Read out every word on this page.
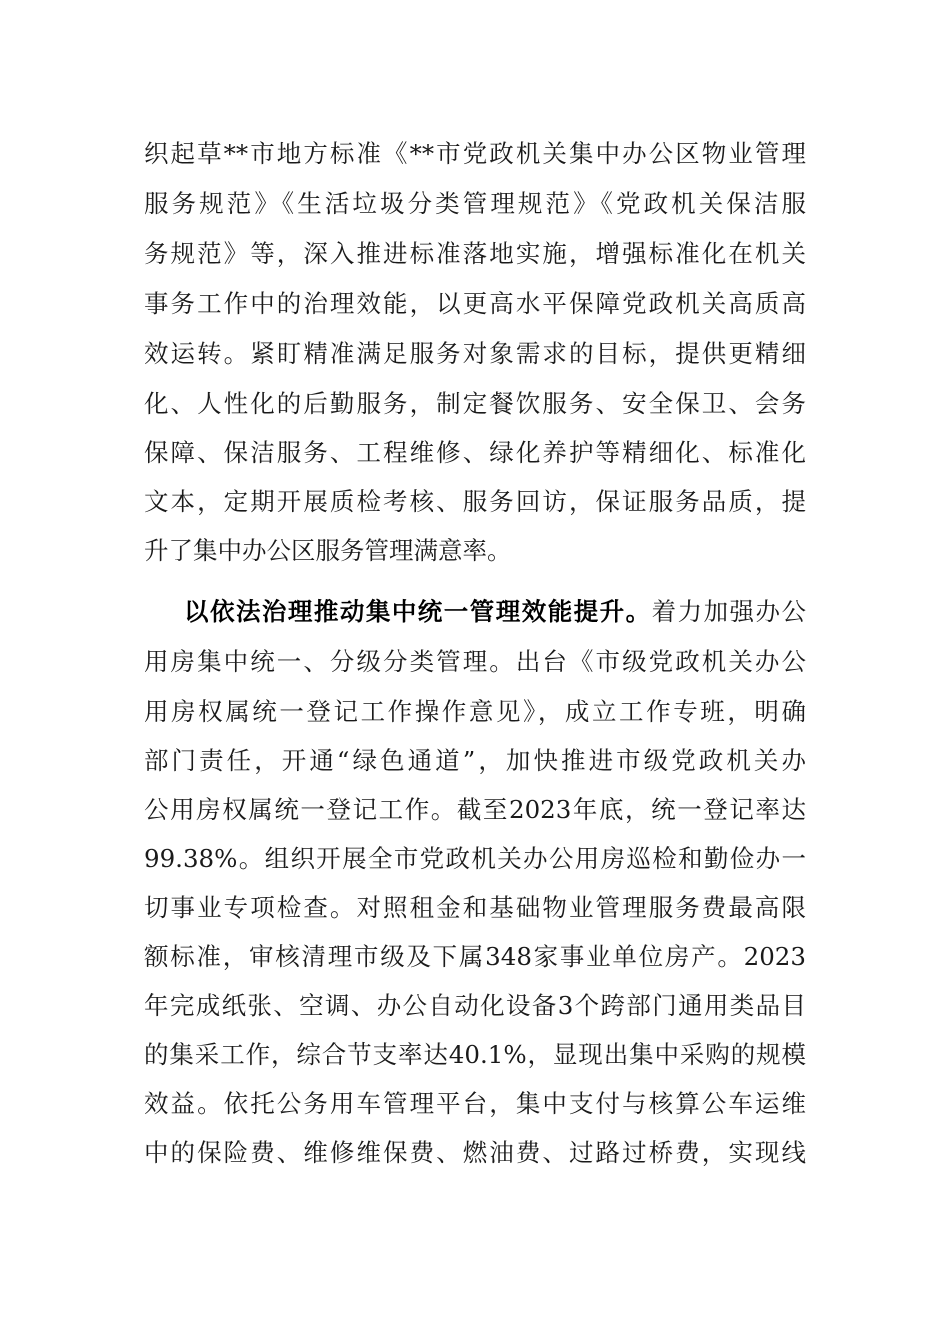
织起草**市地方标准《**市党政机关集中办公区物业管理
服务规范》《生活垃圾分类管理规范》《党政机关保洁服
务规范》等，深入推进标准落地实施，增强标准化在机关
事务工作中的治理效能，以更高水平保障党政机关高质高
效运转。紧盯精准满足服务对象需求的目标，提供更精细
化、人性化的后勤服务，制定餐饮服务、安全保卫、会务
保障、保洁服务、工程维修、绿化养护等精细化、标准化
文本，定期开展质检考核、服务回访，保证服务品质，提
升了集中办公区服务管理满意率。
以依法治理推动集中统一管理效能提升。着力加强办公
用房集中统一、分级分类管理。出台《市级党政机关办公
用房权属统一登记工作操作意见》，成立工作专班，明确
部门责任，开通“绿色通道”，加快推进市级党政机关办
公用房权属统一登记工作。截至2023年底，统一登记率达
99.38%。组织开展全市党政机关办公用房巡检和勤俭办一
切事业专项检查。对照租金和基础物业管理服务费最高限
额标准，审核清理市级及下属348家事业单位房产。2023
年完成纸张、空调、办公自动化设备3个跨部门通用类品目
的集采工作，综合节支率达40.1%，显现出集中采购的规模
效益。依托公务用车管理平台，集中支付与核算公车运维
中的保险费、维修维保费、燃油费、过路过桥费，实现线
